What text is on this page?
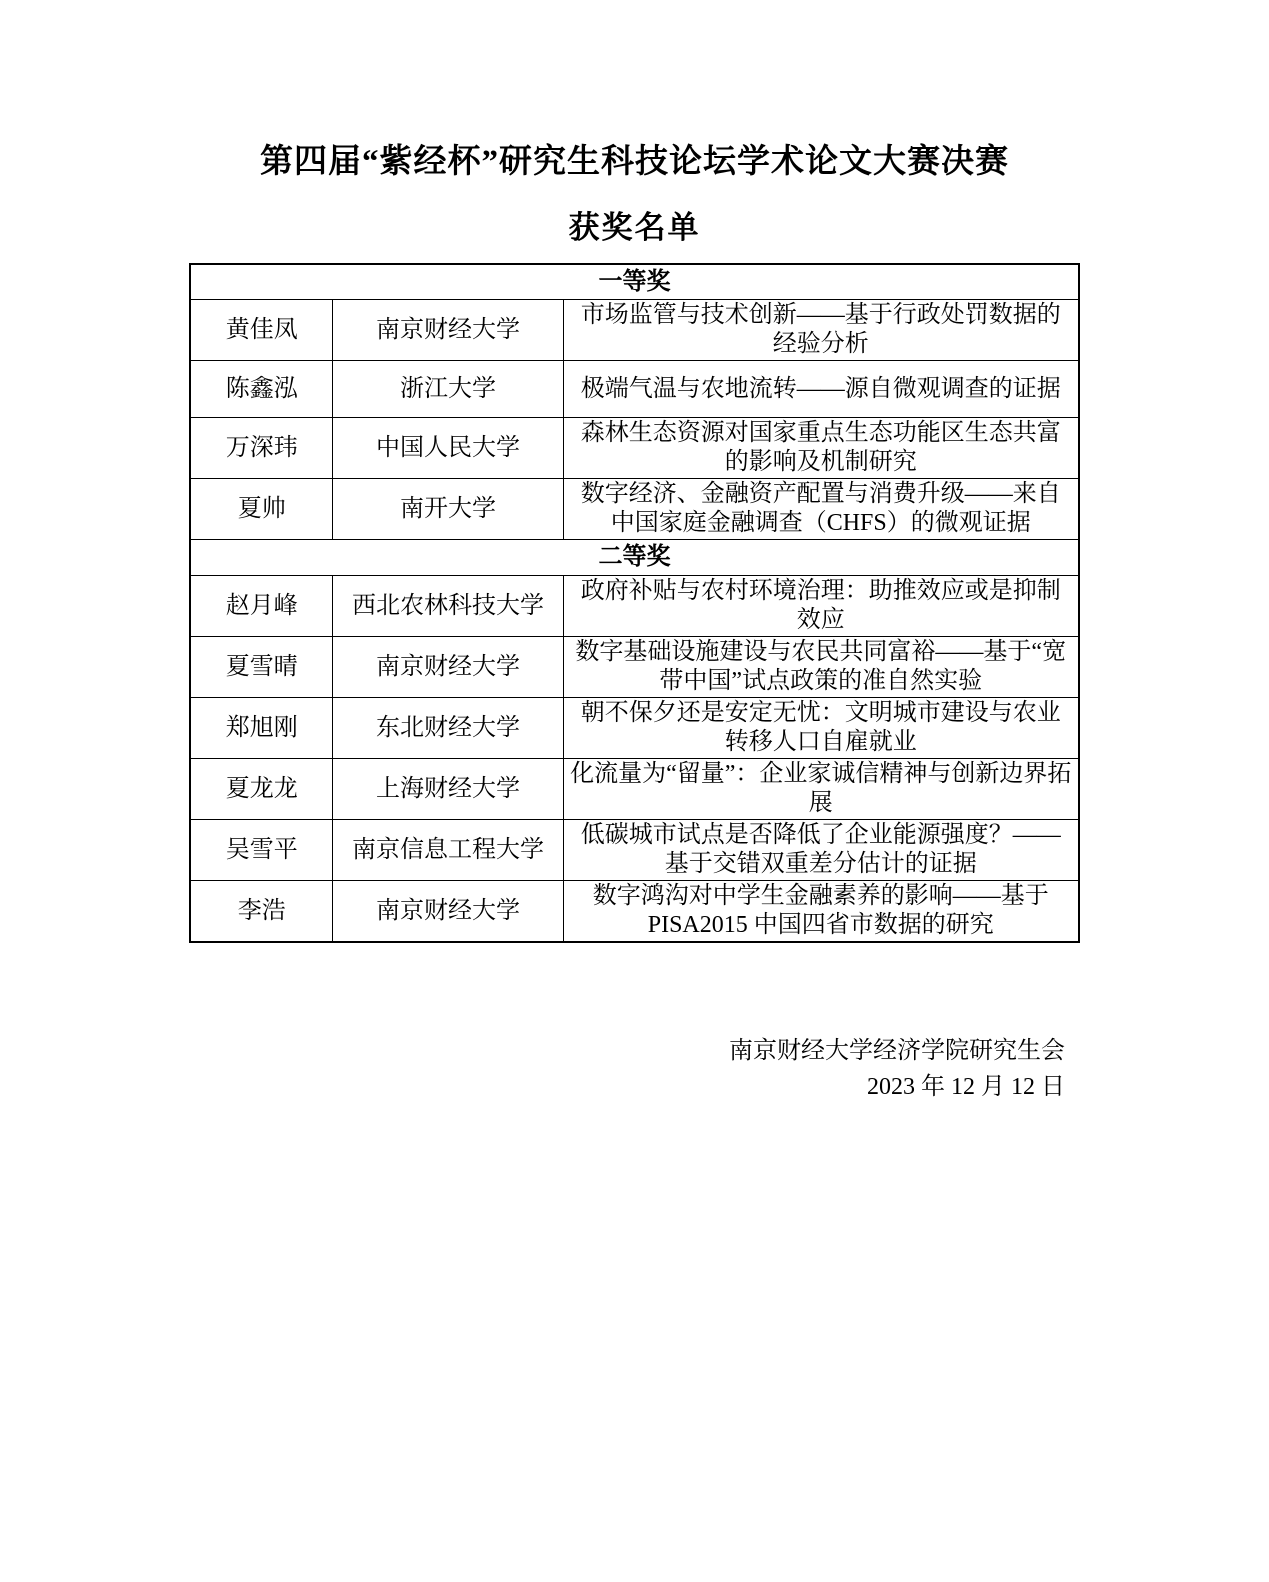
第四届“紫经杯”研究生科技论坛学术论文大赛决赛
获奖名单
一等奖		
黄佳凤	南京财经大学	市场监管与技术创新——基于行政处罚数据的经验分析
陈鑫泓	浙江大学	极端气温与农地流转——源自微观调查的证据
万深玮	中国人民大学	森林生态资源对国家重点生态功能区生态共富的影响及机制研究
夏帅	南开大学	数字经济、金融资产配置与消费升级——来自中国家庭金融调查（CHFS）的微观证据
二等奖		
赵月峰	西北农林科技大学	政府补贴与农村环境治理：助推效应或是抑制效应
夏雪晴	南京财经大学	数字基础设施建设与农民共同富裕——基于“宽带中国”试点政策的准自然实验
郑旭刚	东北财经大学	朝不保夕还是安定无忧：文明城市建设与农业转移人口自雇就业
夏龙龙	上海财经大学	化流量为“留量”：企业家诚信精神与创新边界拓展
吴雪平	南京信息工程大学	低碳城市试点是否降低了企业能源强度？——基于交错双重差分估计的证据
李浩	南京财经大学	数字鸿沟对中学生金融素养的影响——基于 PISA2015 中国四省市数据的研究
南京财经大学经济学院研究生会
2023 年 12 月 12 日
